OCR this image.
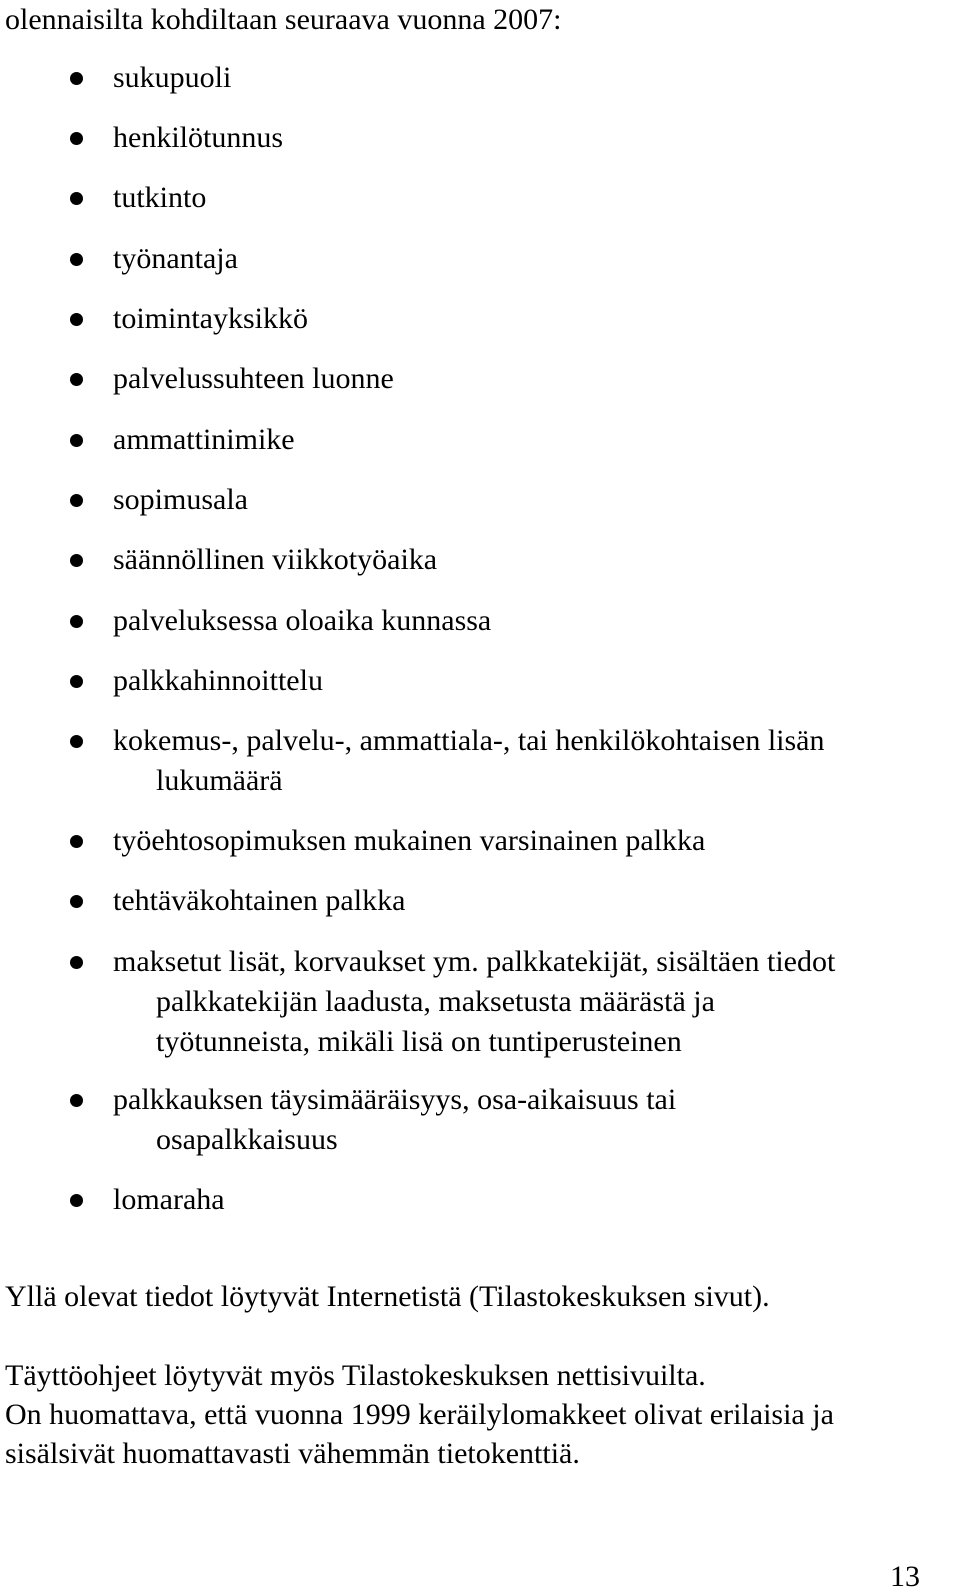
olennaisilta kohdiltaan seuraava vuonna 2007:
sukupuoli
henkilötunnus
tutkinto
työnantaja
toimintayksikkö
palvelussuhteen luonne
ammattinimike
sopimusala
säännöllinen viikkotyöaika
palveluksessa oloaika kunnassa
palkkahinnoittelu
kokemus-, palvelu-, ammattiala-, tai henkilökohtaisen lisän
lukumäärä
työehtosopimuksen mukainen varsinainen palkka
tehtäväkohtainen palkka
maksetut lisät, korvaukset ym. palkkatekijät, sisältäen tiedot
palkkatekijän laadusta, maksetusta määrästä ja
työtunneista, mikäli lisä on tuntiperusteinen
palkkauksen täysimääräisyys, osa-aikaisuus tai
osapalkkaisuus
lomaraha
Yllä olevat tiedot löytyvät Internetistä (Tilastokeskuksen sivut).
Täyttöohjeet löytyvät myös Tilastokeskuksen nettisivuilta.
On huomattava, että vuonna 1999 keräilylomakkeet olivat erilaisia ja
sisälsivät huomattavasti vähemmän tietokenttiä.
13
